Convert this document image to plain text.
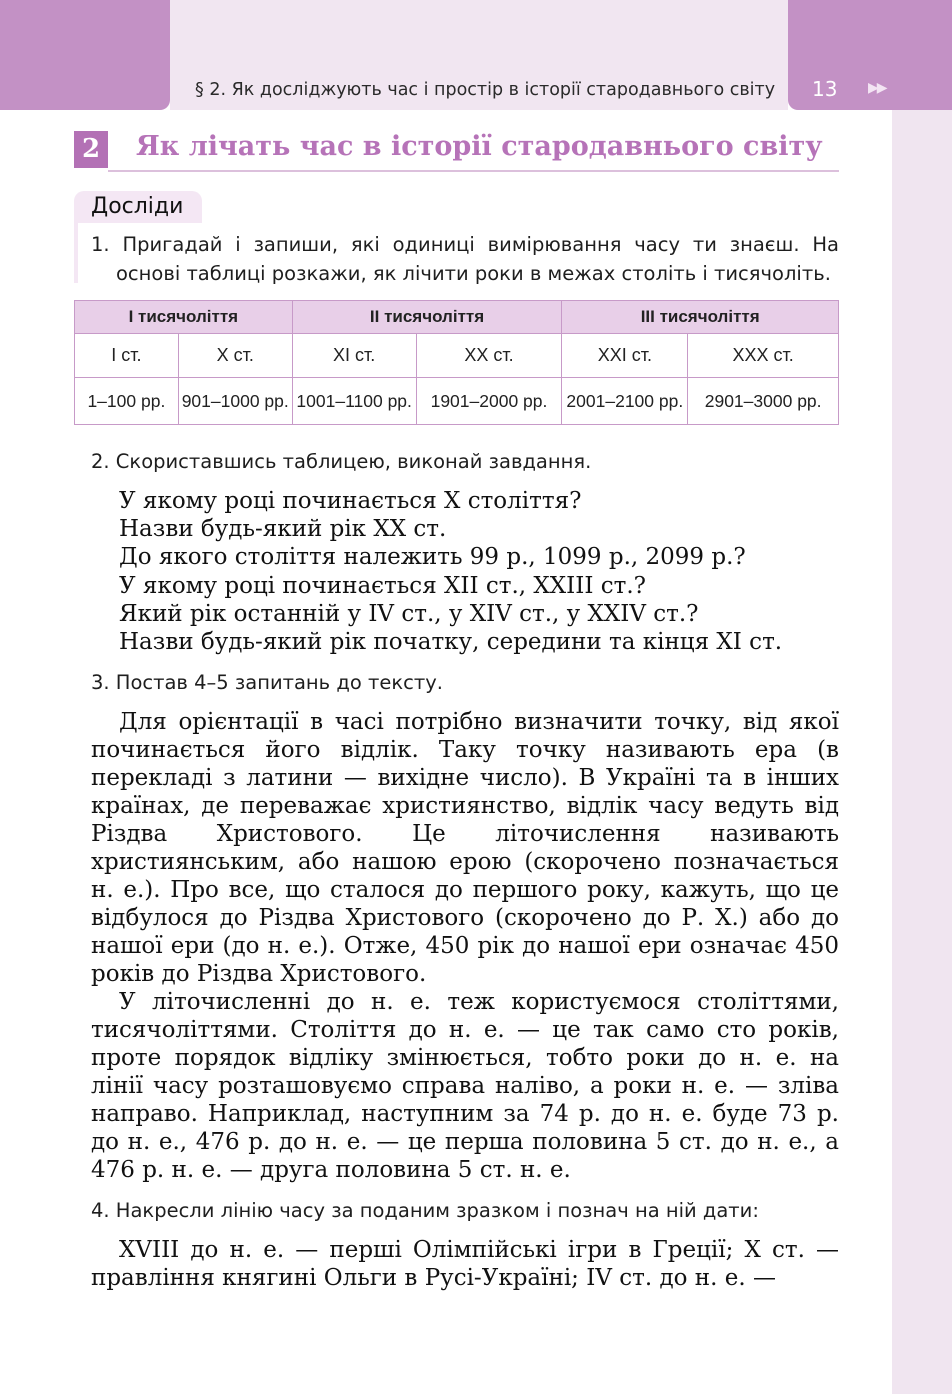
§ 2. Як досліджують час і простір в історії стародавнього світу 13 ▶▶
2 Як лічать час в історії стародавнього світу
Досліди

1. Пригадай і запиши, які одиниці вимірювання часу ти знаєш. На основі таблиці розкажи, як лічити роки в межах століть і тисячоліть.

І тисячоліття		ІІ тисячоліття		ІІІ тисячоліття	
І ст.	Х ст.	ХІ ст.	ХХ ст.	ХХІ ст.	ХХХ ст.
1–100 рр.	901–1000 рр.	1001–1100 рр.	1901–2000 рр.	2001–2100 рр.	2901–3000 рр.
2. Скориставшись таблицею, виконай завдання.
У якому році починається Х століття?
Назви будь-який рік ХХ ст.
До якого століття належить 99 р., 1099 р., 2099 р.?
У якому році починається ХІІ ст., ХХІІІ ст.?
Який рік останній у IV ст., у ХІV ст., у ХХІV ст.?
Назви будь-який рік початку, середини та кінця ХІ ст.
3. Постав 4–5 запитань до тексту.

Для орієнтації в часі потрібно визначити точку, від якої починається його відлік. Таку точку називають ера (в перекладі з латини — вихідне число). В Україні та в інших країнах, де переважає християнство, відлік часу ведуть від Різдва Христового. Це літочислення називають християнським, або нашою ерою (скорочено позначається н. е.). Про все, що сталося до першого року, кажуть, що це відбулося до Різдва Христового (скорочено до Р. Х.) або до нашої ери (до н. е.). Отже, 450 рік до нашої ери означає 450 років до Різдва Христового.

У літочисленні до н. е. теж користуємося століттями, тисячоліттями. Століття до н. е. — це так само сто років, проте порядок відліку змінюється, тобто роки до н. е. на лінії часу розташовуємо справа наліво, а роки н. е. — зліва направо. Наприклад, наступним за 74 р. до н. е. буде 73 р. до н. е., 476 р. до н. е. — це перша половина 5 ст. до н. е., а 476 р. н. е. — друга половина 5 ст. н. е.

4. Накресли лінію часу за поданим зразком і познач на ній дати:

XVIII до н. е. — перші Олімпійські ігри в Греції; Х ст. — правління княгині Ольги в Русі-Україні; IV ст. до н. е. —
